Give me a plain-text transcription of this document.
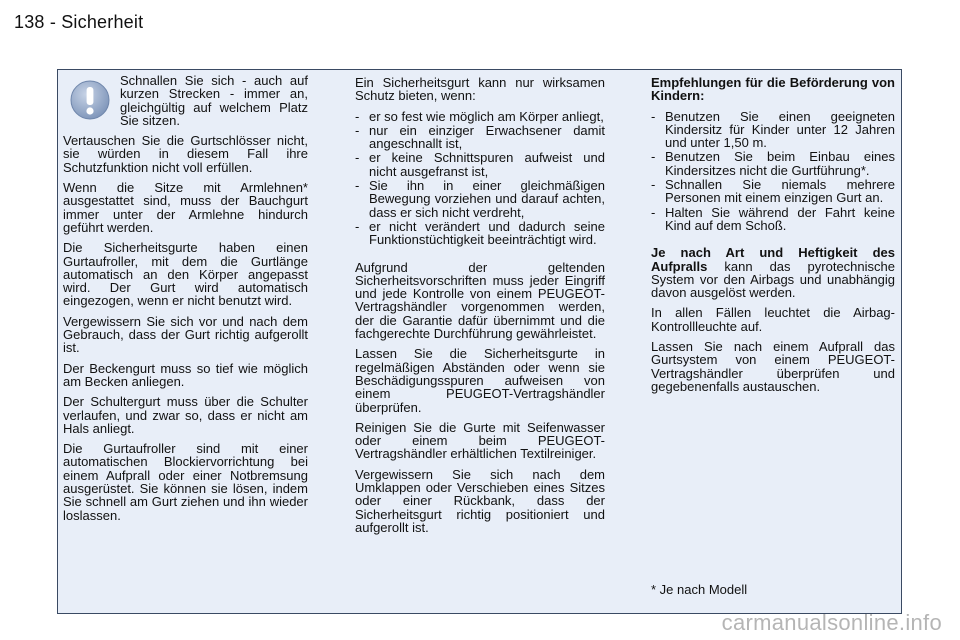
138 - Sicherheit

Schnallen Sie sich - auch auf kurzen Strecken - immer an, gleichgültig auf welchem Platz Sie sitzen.

Vertauschen Sie die Gurtschlösser nicht, sie würden in diesem Fall ihre Schutzfunktion nicht voll erfüllen.

Wenn die Sitze mit Armlehnen* ausgestattet sind, muss der Bauchgurt immer unter der Armlehne hindurch geführt werden.

Die Sicherheitsgurte haben einen Gurtaufroller, mit dem die Gurtlänge automatisch an den Körper angepasst wird. Der Gurt wird automatisch eingezogen, wenn er nicht benutzt wird.

Vergewissern Sie sich vor und nach dem Gebrauch, dass der Gurt richtig aufgerollt ist.

Der Beckengurt muss so tief wie möglich am Becken anliegen.

Der Schultergurt muss über die Schulter verlaufen, und zwar so, dass er nicht am Hals anliegt.

Die Gurtaufroller sind mit einer automatischen Blockiervorrichtung bei einem Aufprall oder einer Notbremsung ausgerüstet. Sie können sie lösen, indem Sie schnell am Gurt ziehen und ihn wieder loslassen.

Ein Sicherheitsgurt kann nur wirksamen Schutz bieten, wenn:

- er so fest wie möglich am Körper anliegt,
- nur ein einziger Erwachsener damit angeschnallt ist,
- er keine Schnittspuren aufweist und nicht ausgefranst ist,
- Sie ihn in einer gleichmäßigen Bewegung vorziehen und darauf achten, dass er sich nicht verdreht,
- er nicht verändert und dadurch seine Funktionstüchtigkeit beeinträchtigt wird.

Aufgrund der geltenden Sicherheitsvorschriften muss jeder Eingriff und jede Kontrolle von einem PEUGEOT-Vertragshändler vorgenommen werden, der die Garantie dafür übernimmt und die fachgerechte Durchführung gewährleistet.

Lassen Sie die Sicherheitsgurte in regelmäßigen Abständen oder wenn sie Beschädigungsspuren aufweisen von einem PEUGEOT-Vertragshändler überprüfen.

Reinigen Sie die Gurte mit Seifenwasser oder einem beim PEUGEOT-Vertragshändler erhältlichen Textilreiniger.

Vergewissern Sie sich nach dem Umklappen oder Verschieben eines Sitzes oder einer Rückbank, dass der Sicherheitsgurt richtig positioniert und aufgerollt ist.

Empfehlungen für die Beförderung von Kindern:

- Benutzen Sie einen geeigneten Kindersitz für Kinder unter 12 Jahren und unter 1,50 m.
- Benutzen Sie beim Einbau eines Kindersitzes nicht die Gurtführung*.
- Schnallen Sie niemals mehrere Personen mit einem einzigen Gurt an.
- Halten Sie während der Fahrt keine Kind auf dem Schoß.

Je nach Art und Heftigkeit des Aufpralls kann das pyrotechnische System vor den Airbags und unabhängig davon ausgelöst werden.

In allen Fällen leuchtet die Airbag-Kontrollleuchte auf.

Lassen Sie nach einem Aufprall das Gurtsystem von einem PEUGEOT-Vertragshändler überprüfen und gegebenenfalls austauschen.

* Je nach Modell
carmanualsonline.info
